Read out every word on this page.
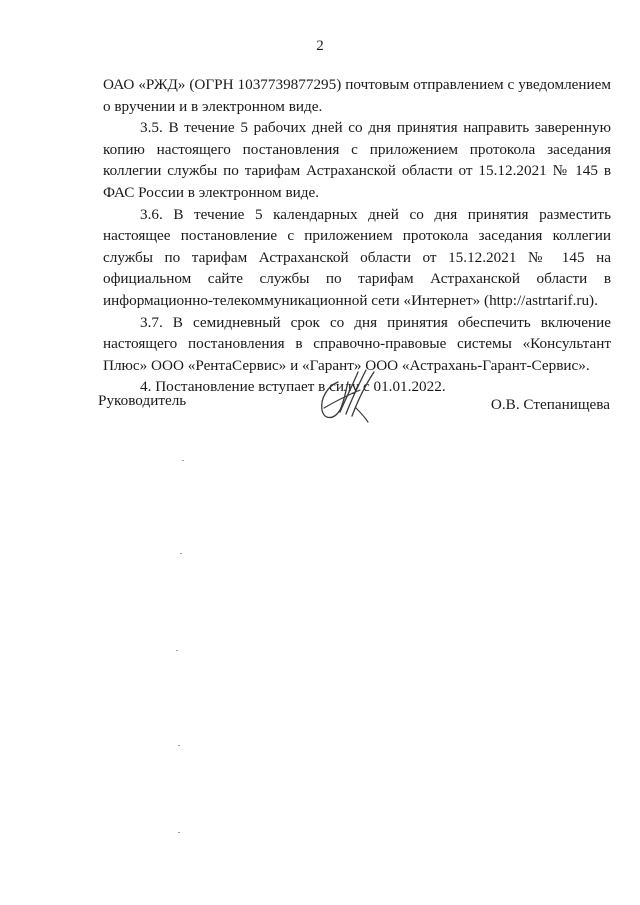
2

ОАО «РЖД» (ОГРН 1037739877295) почтовым отправлением с уведомлением о вручении и в электронном виде.

3.5. В течение 5 рабочих дней со дня принятия направить заверенную копию настоящего постановления с приложением протокола заседания коллегии службы по тарифам Астраханской области от 15.12.2021 № 145 в ФАС России в электронном виде.

3.6. В течение 5 календарных дней со дня принятия разместить настоящее постановление с приложением протокола заседания коллегии службы по тарифам Астраханской области от 15.12.2021 № 145 на официальном сайте службы по тарифам Астраханской области в информационно-телекоммуникационной сети «Интернет» (http://astrtarif.ru).

3.7. В семидневный срок со дня принятия обеспечить включение настоящего постановления в справочно-правовые системы «Консультант Плюс» ООО «РентаСервис» и «Гарант» ООО «Астрахань-Гарант-Сервис».

4. Постановление вступает в силу с 01.01.2022.

Руководитель	О.В. Степанищева
